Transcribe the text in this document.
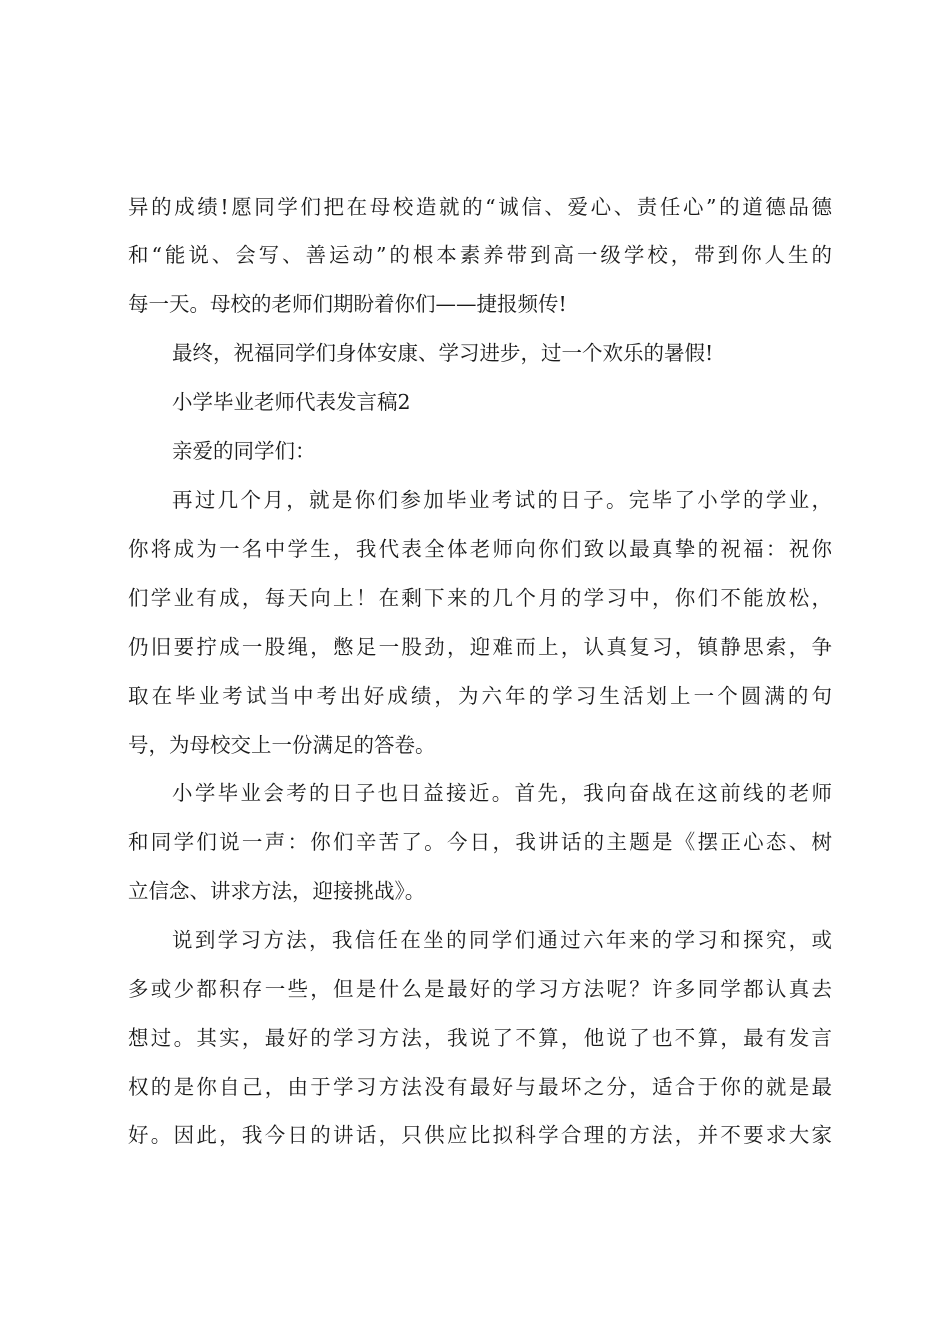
异的成绩!愿同学们把在母校造就的“诚信、爱心、责任心”的道德品德
和“能说、会写、善运动”的根本素养带到高一级学校，带到你人生的
每一天。母校的老师们期盼着你们——捷报频传!
最终，祝福同学们身体安康、学习进步，过一个欢乐的暑假!
小学毕业老师代表发言稿2
亲爱的同学们：
再过几个月，就是你们参加毕业考试的日子。完毕了小学的学业，
你将成为一名中学生，我代表全体老师向你们致以最真挚的祝福：祝你
们学业有成，每天向上！在剩下来的几个月的学习中，你们不能放松，
仍旧要拧成一股绳，憋足一股劲，迎难而上，认真复习，镇静思索，争
取在毕业考试当中考出好成绩，为六年的学习生活划上一个圆满的句
号，为母校交上一份满足的答卷。
小学毕业会考的日子也日益接近。首先，我向奋战在这前线的老师
和同学们说一声：你们辛苦了。今日，我讲话的主题是《摆正心态、树
立信念、讲求方法，迎接挑战》。
说到学习方法，我信任在坐的同学们通过六年来的学习和探究，或
多或少都积存一些，但是什么是最好的学习方法呢？许多同学都认真去
想过。其实，最好的学习方法，我说了不算，他说了也不算，最有发言
权的是你自己，由于学习方法没有最好与最坏之分，适合于你的就是最
好。因此，我今日的讲话，只供应比拟科学合理的方法，并不要求大家
